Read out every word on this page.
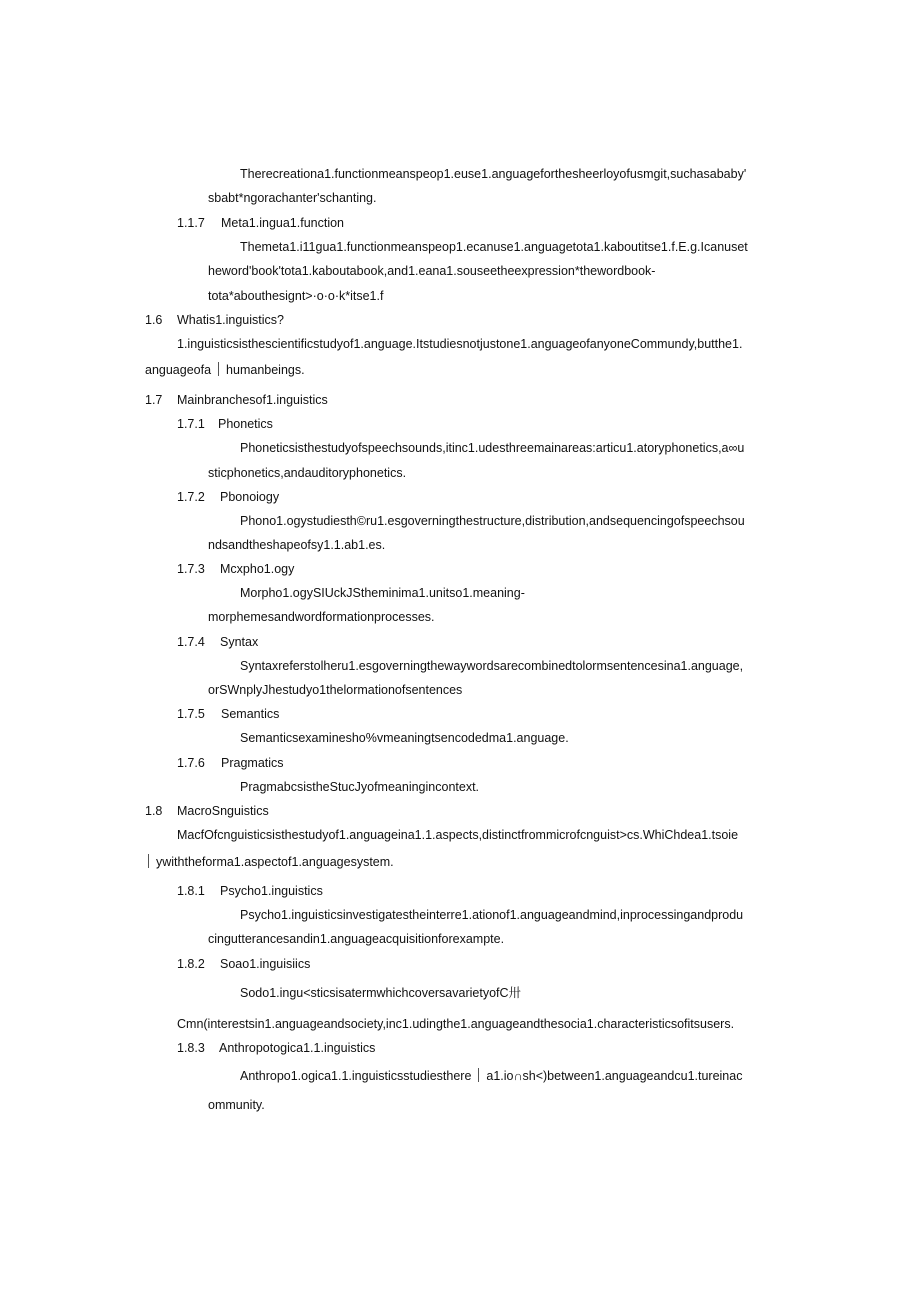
Therecreationa1.functionmeanspeop1.euse1.anguageforthesheerloyofusmgit,suchasababy'
sbabt*ngorachanter'schanting.
1.1.7 Meta1.ingua1.function
Themeta1.i11gua1.functionmeanspeop1.ecanuse1.anguagetota1.kaboutitse1.f.E.g.Icanuset
heword'book'tota1.kaboutabook,and1.eana1.souseetheexpression*thewordbook-
tota*abouthesignt>·o·o·k*itse1.f
1.6 Whatis1.inguistics?
1.inguisticsisthescientificstudyof1.anguage.Itstudiesnotjustone1.anguageofanyoneCommundy,butthe1.
anguageofa humanbeings.
1.7 Mainbranchesof1.inguistics
1.7.1 Phonetics
Phoneticsisthestudyofspeechsounds,itinc1.udesthreemainareas:articu1.atoryphonetics,a∞u
sticphonetics,andauditoryphonetics.
1.7.2 Pbonoiogy
Phono1.ogystudiesth©ru1.esgoverningthestructure,distribution,andsequencingofspeechsou
ndsandtheshapeofsy1.1.ab1.es.
1.7.3 Mcxpho1.ogy
Morpho1.ogySIUckJStheminima1.unitso1.meaning-
morphemesandwordformationprocesses.
1.7.4 Syntax
Syntaxreferstolheru1.esgoverningthewaywordsarecombinedtolormsentencesina1.anguage,
orSWnplyJhestudyo1thelormationofsentences
1.7.5 Semantics
Semanticsexaminesho%vmeaningtsencodedma1.anguage.
1.7.6 Pragmatics
PragmabcsistheStucJyofmeaningincontext.
1.8 MacroSnguistics
MacfOfcnguisticsisthestudyof1.anguageina1.1.aspects,distinctfrommicrofcnguist>cs.WhiChdea1.tsoie
ywiththeforma1.aspectof1.anguagesystem.
1.8.1 Psycho1.inguistics
Psycho1.inguisticsinvestigatestheinterre1.ationof1.anguageandmind,inprocessingandprodu
cingutterancesandin1.anguageacquisitionforexampte.
1.8.2 Soao1.inguisiics
Sodo1.ingu<sticsisatermwhichcoversavarietyofC卅
Cmn(interestsin1.anguageandsociety,inc1.udingthe1.anguageandthesocia1.characteristicsofitsusers.
1.8.3 Anthropotogica1.1.inguistics
Anthropo1.ogica1.1.inguisticsstudiesthere a1.io∩sh<)between1.anguageandcu1.tureinac
ommunity.
